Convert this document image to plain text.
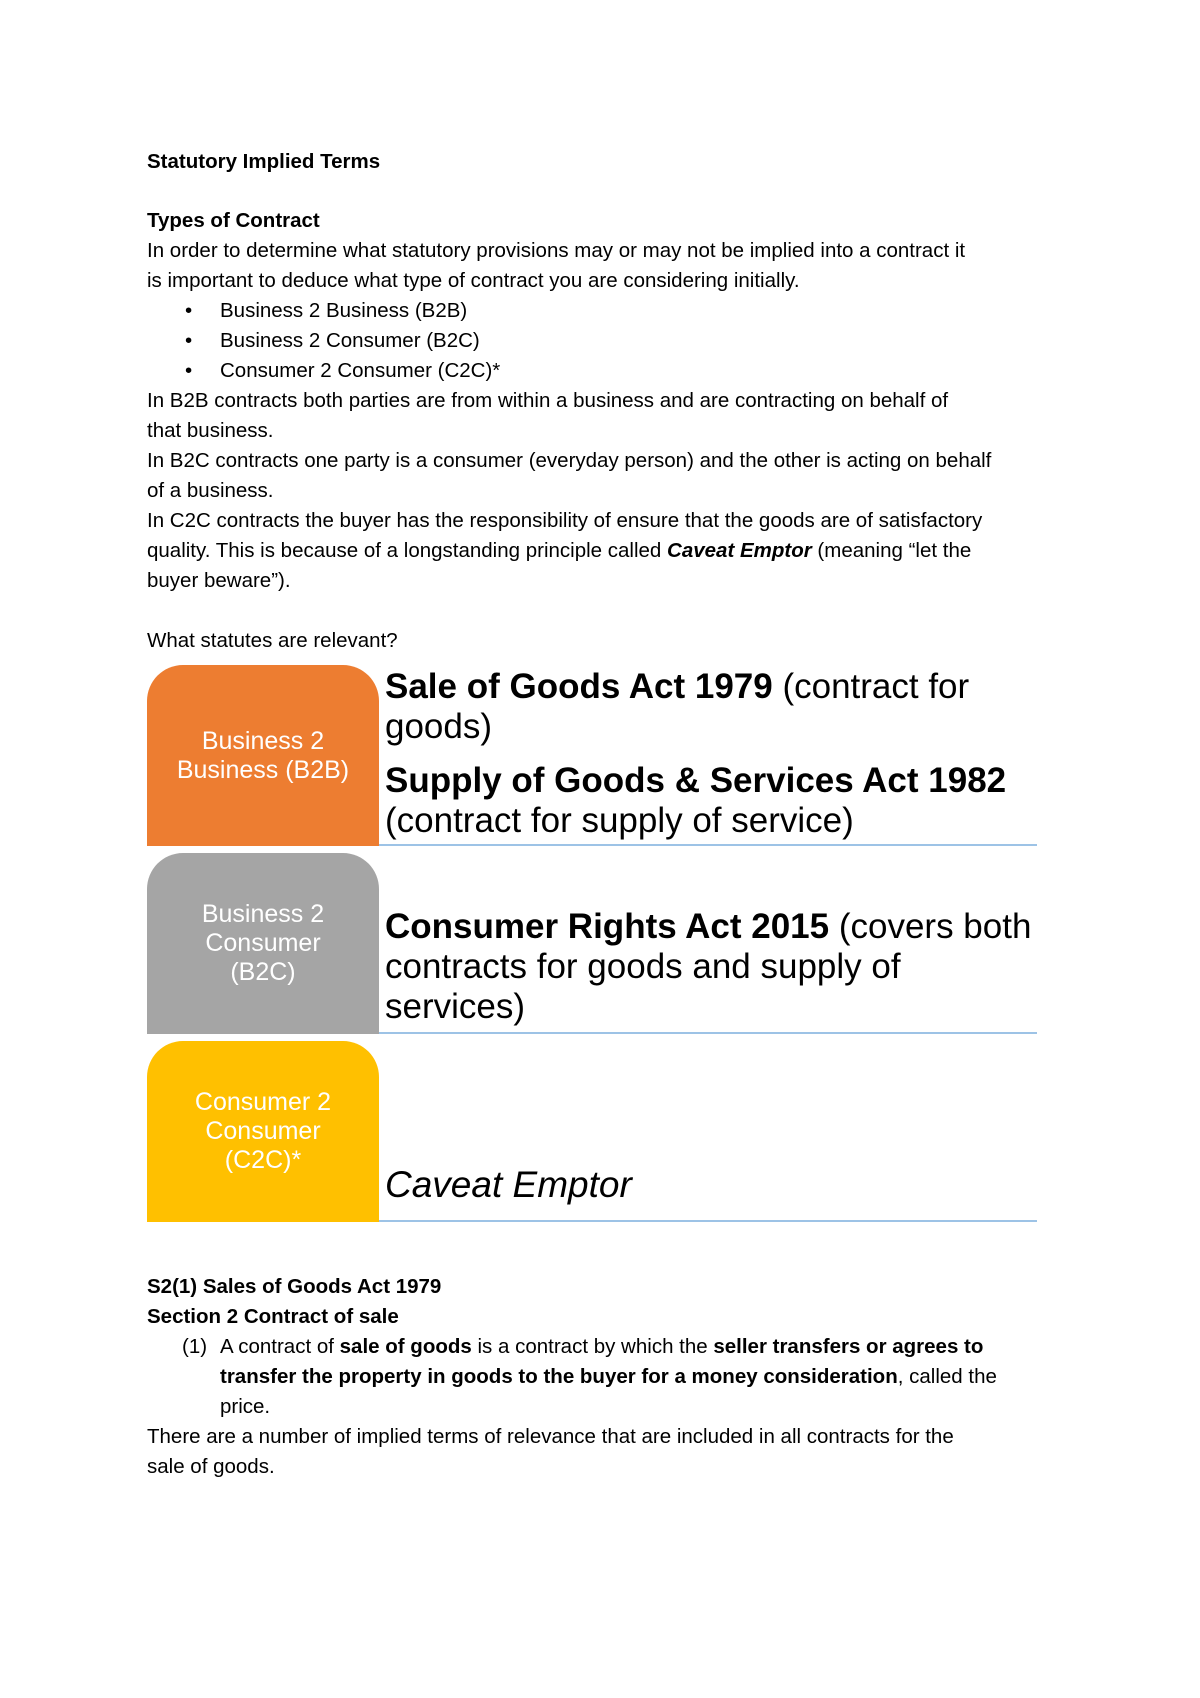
Statutory Implied Terms
Types of Contract
In order to determine what statutory provisions may or may not be implied into a contract it
is important to deduce what type of contract you are considering initially.
• Business 2 Business (B2B)
• Business 2 Consumer (B2C)
• Consumer 2 Consumer (C2C)*
In B2B contracts both parties are from within a business and are contracting on behalf of
that business.
In B2C contracts one party is a consumer (everyday person) and the other is acting on behalf
of a business.
In C2C contracts the buyer has the responsibility of ensure that the goods are of satisfactory
quality. This is because of a longstanding principle called Caveat Emptor (meaning “let the
buyer beware”).
What statutes are relevant?
Business 2
Business (B2B)
Sale of Goods Act 1979 (contract for goods)
Supply of Goods & Services Act 1982 (contract for supply of service)
Business 2
Consumer
(B2C)
Consumer Rights Act 2015 (covers both contracts for goods and supply of services)
Consumer 2
Consumer
(C2C)*
Caveat Emptor
S2(1) Sales of Goods Act 1979
Section 2 Contract of sale
(1) A contract of sale of goods is a contract by which the seller transfers or agrees to
transfer the property in goods to the buyer for a money consideration, called the
price.
There are a number of implied terms of relevance that are included in all contracts for the
sale of goods.
